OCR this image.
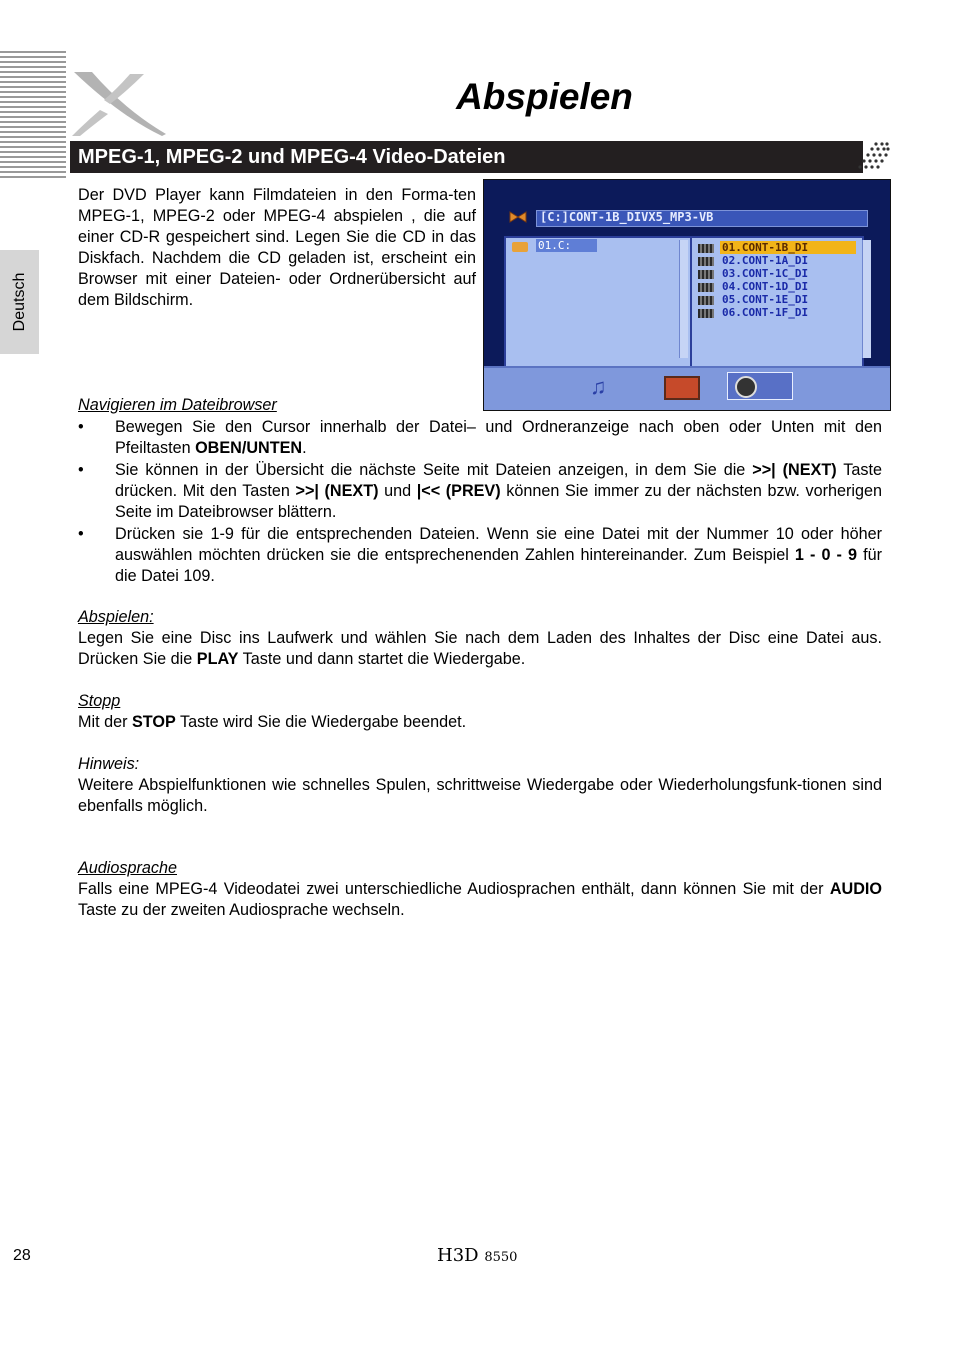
Abspielen
MPEG-1, MPEG-2 und MPEG-4 Video-Dateien
Deutsch

Der DVD Player kann Filmdateien in den Forma-ten MPEG-1, MPEG-2 oder MPEG-4 abspielen , die auf einer CD-R gespeichert sind. Legen Sie die CD in das Diskfach. Nachdem die CD geladen ist, erscheint ein Browser mit einer Dateien- oder Ordnerübersicht auf dem Bildschirm.

[C:]CONT-1B_DIVX5_MP3-VB
01.C:	01.CONT-1B_DI
02.CONT-1A_DI
03.CONT-1C_DI
04.CONT-1D_DI
05.CONT-1E_DI
06.CONT-1F_DI
♫
Navigieren im Dateibrowser
• Bewegen Sie den Cursor innerhalb der Datei– und Ordneranzeige nach oben oder Unten mit den Pfeiltasten OBEN/UNTEN.
• Sie können in der Übersicht die nächste Seite mit Dateien anzeigen, in dem Sie die >>| (NEXT) Taste drücken. Mit den Tasten >>| (NEXT) und |<< (PREV) können Sie immer zu der nächsten bzw. vorherigen Seite im Dateibrowser blättern.
• Drücken sie 1-9 für die entsprechenden Dateien. Wenn sie eine Datei mit der Nummer 10 oder höher auswählen möchten drücken sie die entsprechenenden Zahlen hintereinander. Zum Beispiel 1 - 0 - 9 für die Datei 109.
Abspielen:
Legen Sie eine Disc ins Laufwerk und wählen Sie nach dem Laden des Inhaltes der Disc eine Datei aus. Drücken Sie die PLAY Taste und dann startet die Wiedergabe.
Stopp
Mit der STOP Taste wird Sie die Wiedergabe beendet.
Hinweis:
Weitere Abspielfunktionen wie schnelles Spulen, schrittweise Wiedergabe oder Wiederholungsfunk-tionen sind ebenfalls möglich.
Audiosprache
Falls eine MPEG-4 Videodatei zwei unterschiedliche Audiosprachen enthält, dann können Sie mit der AUDIO Taste zu der zweiten Audiosprache wechseln.
28	H3D 8550
